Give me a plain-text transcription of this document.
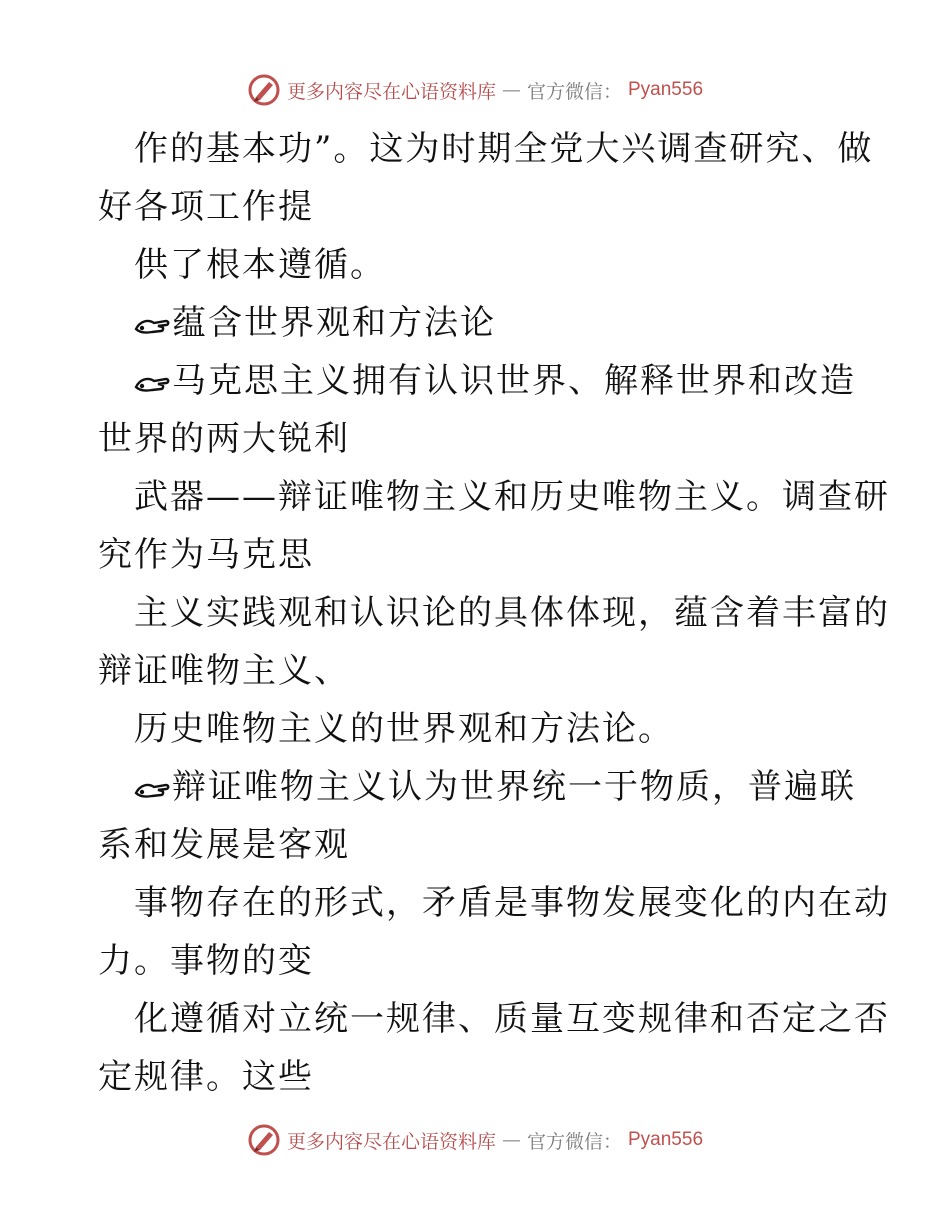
更多内容尽在心语资料库 — 官方微信： Pyan556
作的基本功”。这为时期全党大兴调查研究、做
好各项工作提
供了根本遵循。
蕴含世界观和方法论
马克思主义拥有认识世界、解释世界和改造
世界的两大锐利
武器——辩证唯物主义和历史唯物主义。调查研
究作为马克思
主义实践观和认识论的具体体现，蕴含着丰富的
辩证唯物主义、
历史唯物主义的世界观和方法论。
辩证唯物主义认为世界统一于物质，普遍联
系和发展是客观
事物存在的形式，矛盾是事物发展变化的内在动
力。事物的变
化遵循对立统一规律、质量互变规律和否定之否
定规律。这些
更多内容尽在心语资料库 — 官方微信： Pyan556
